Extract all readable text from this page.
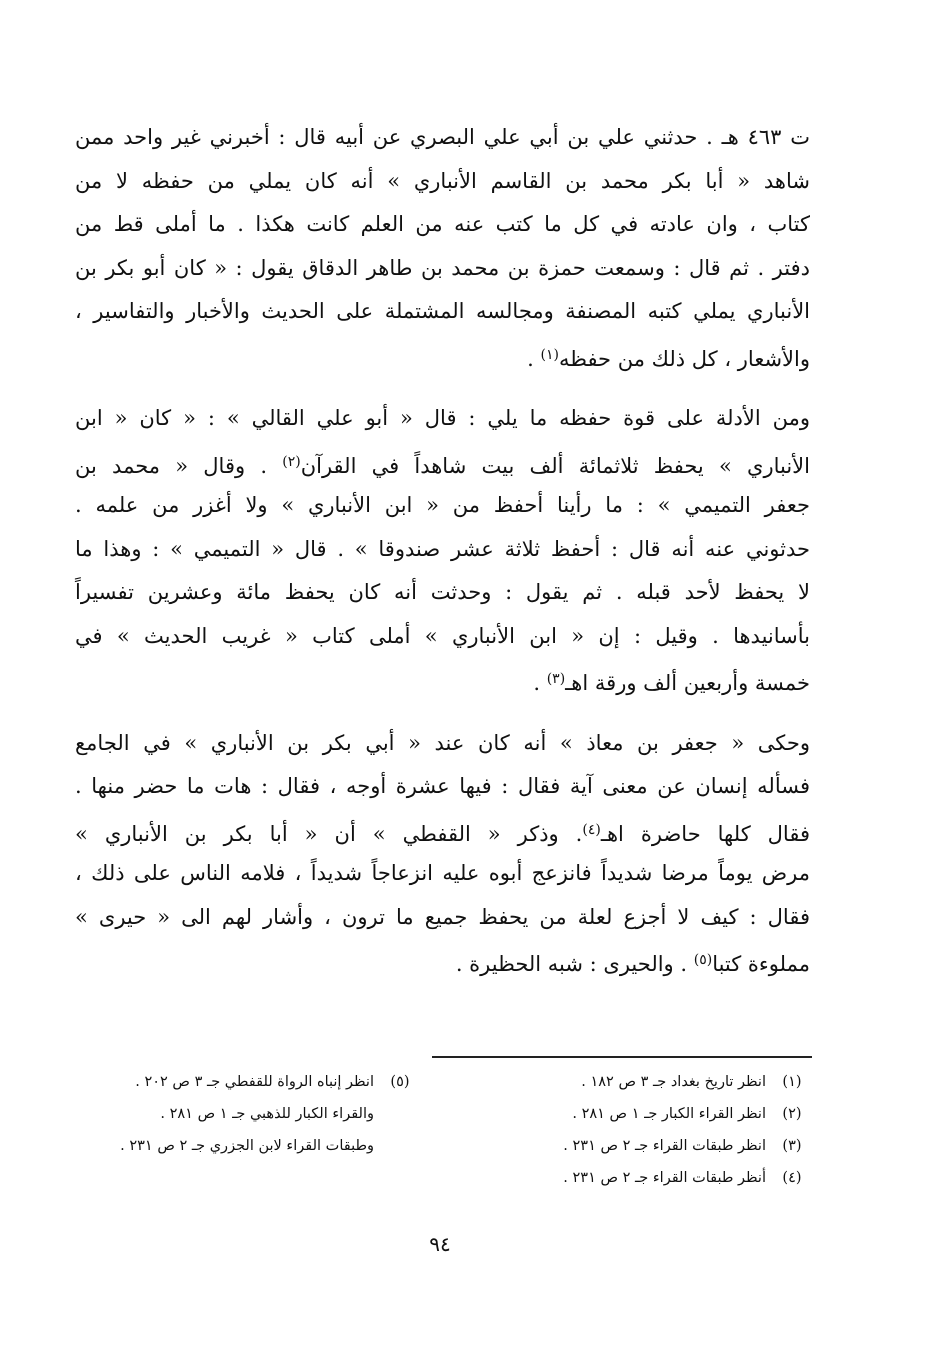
ت ٤٦٣ هـ . حدثني علي بن أبي علي البصري عن أبيه قال : أخبرني غير واحد ممن
شاهد « أبا بكر محمد بن القاسم الأنباري » أنه كان يملي من حفظه لا من
كتاب ، وان عادته في كل ما كتب عنه من العلم كانت هكذا . ما أملى قط من
دفتر . ثم قال : وسمعت حمزة بن محمد بن طاهر الدقاق يقول : « كان أبو بكر بن
الأنباري يملي كتبه المصنفة ومجالسه المشتملة على الحديث والأخبار والتفاسير ،
والأشعار ، كل ذلك من حفظه$^{(١)}$ .

ومن الأدلة على قوة حفظه ما يلي : قال « أبو علي القالي » : « كان « ابن
الأنباري » يحفظ ثلاثمائة ألف بيت شاهداً في القرآن$^{(٢)}$ . وقال « محمد بن
جعفر التميمي » : ما رأينا أحفظ من « ابن الأنباري » ولا أغزر من علمه .
حدثوني عنه أنه قال : أحفظ ثلاثة عشر صندوقا » . قال « التميمي » : وهذا ما
لا يحفظ لأحد قبله . ثم يقول : وحدثت أنه كان يحفظ مائة وعشرين تفسيراً
بأسانيدها . وقيل : إن « ابن الأنباري » أملى كتاب « غريب الحديث » في
خمسة وأربعين ألف ورقة اهـ$^{(٣)}$ .

وحكى « جعفر بن معاذ » أنه كان عند « أبي بكر بن الأنباري » في الجامع
فسأله إنسان عن معنى آية فقال : فيها عشرة أوجه ، فقال : هات ما حضر منها .
فقال كلها حاضرة اهـ$^{(٤)}$. وذكر « القفطي » أن « أبا بكر بن الأنباري »
مرض يوماً مرضا شديداً فانزعج أبوه عليه انزعاجاً شديداً ، فلامه الناس على ذلك ،
فقال : كيف لا أجزع لعلة من يحفظ جميع ما ترون ، وأشار لهم الى « حيرى »
مملوءة كتبا$^{(٥)}$ . والحيرى : شبه الحظيرة .

(١)
انظر تاريخ بغداد جـ ٣ ص ١٨٢ .
(٢)
انظر القراء الكبار جـ ١ ص ٢٨١ .
(٣)
انظر طبقات القراء جـ ٢ ص ٢٣١ .
(٤)
أنظر طبقات القراء جـ ٢ ص ٢٣١ .
(٥)
انظر إنباه الرواة للقفطي جـ ٣ ص ٢٠٢ .
والقراء الكبار للذهبي جـ ١ ص ٢٨١ .
وطبقات القراء لابن الجزري جـ ٢ ص ٢٣١ .
٩٤
